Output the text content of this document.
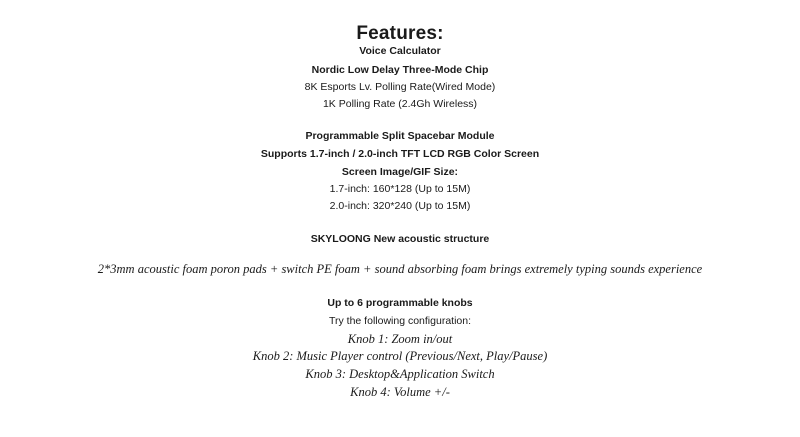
Features:
Voice Calculator
Nordic Low Delay Three-Mode Chip
8K Esports Lv. Polling Rate(Wired Mode)
1K Polling Rate (2.4Gh Wireless)
Programmable Split Spacebar Module
Supports 1.7-inch / 2.0-inch TFT LCD RGB Color Screen
Screen Image/GIF Size:
1.7-inch: 160*128 (Up to 15M)
2.0-inch: 320*240 (Up to 15M)
SKYLOONG New acoustic structure
2*3mm acoustic foam poron pads + switch PE foam + sound absorbing foam brings extremely typing sounds experience
Up to 6 programmable knobs
Try the following configuration:
Knob 1: Zoom in/out
Knob 2: Music Player control (Previous/Next, Play/Pause)
Knob 3: Desktop&Application Switch
Knob 4: Volume +/-
